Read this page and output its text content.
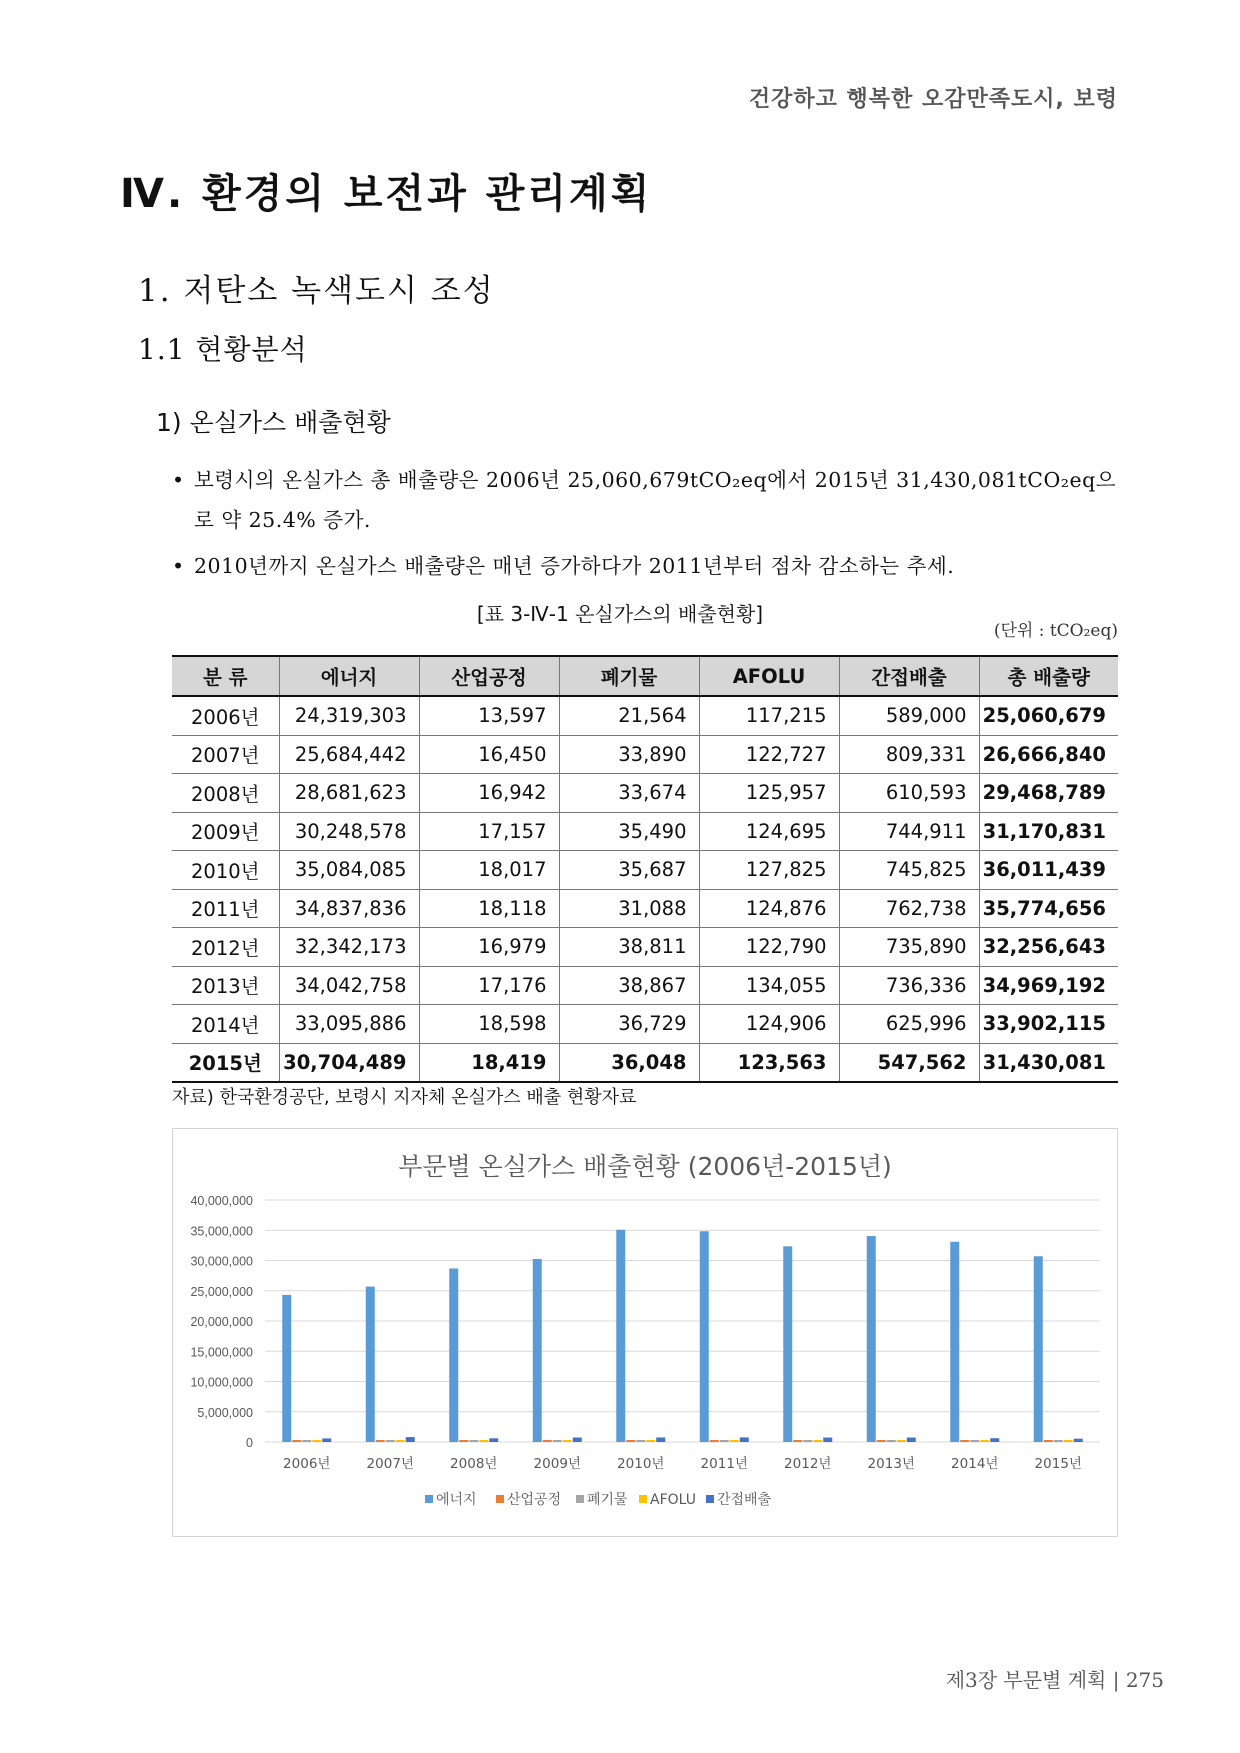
건강하고 행복한 오감만족도시, 보령
Ⅳ. 환경의 보전과 관리계획
1. 저탄소 녹색도시 조성
1.1 현황분석
1) 온실가스 배출현황
• 보령시의 온실가스 총 배출량은 2006년 25,060,679tCO₂eq에서 2015년 31,430,081tCO₂eq으로 약 25.4% 증가.
• 2010년까지 온실가스 배출량은 매년 증가하다가 2011년부터 점차 감소하는 추세.
[표 3-Ⅳ-1 온실가스의 배출현황]
(단위 : tCO₂eq)
분 류	에너지	산업공정	폐기물	AFOLU	간접배출	총 배출량
2006년	24,319,303	13,597	21,564	117,215	589,000	25,060,679
2007년	25,684,442	16,450	33,890	122,727	809,331	26,666,840
2008년	28,681,623	16,942	33,674	125,957	610,593	29,468,789
2009년	30,248,578	17,157	35,490	124,695	744,911	31,170,831
2010년	35,084,085	18,017	35,687	127,825	745,825	36,011,439
2011년	34,837,836	18,118	31,088	124,876	762,738	35,774,656
2012년	32,342,173	16,979	38,811	122,790	735,890	32,256,643
2013년	34,042,758	17,176	38,867	134,055	736,336	34,969,192
2014년	33,095,886	18,598	36,729	124,906	625,996	33,902,115
2015년	30,704,489	18,419	36,048	123,563	547,562	31,430,081
자료) 한국환경공단, 보령시 지자체 온실가스 배출 현황자료
부문별 온실가스 배출현황 (2006년-2015년)
0
5,000,000
10,000,000
15,000,000
20,000,000
25,000,000
30,000,000
35,000,000
40,000,000
2006년	2007년	2008년	2009년	2010년	2011년	2012년	2013년	2014년	2015년
에너지 산업공정 폐기물 AFOLU 간접배출
제3장 부문별 계획 | 275
